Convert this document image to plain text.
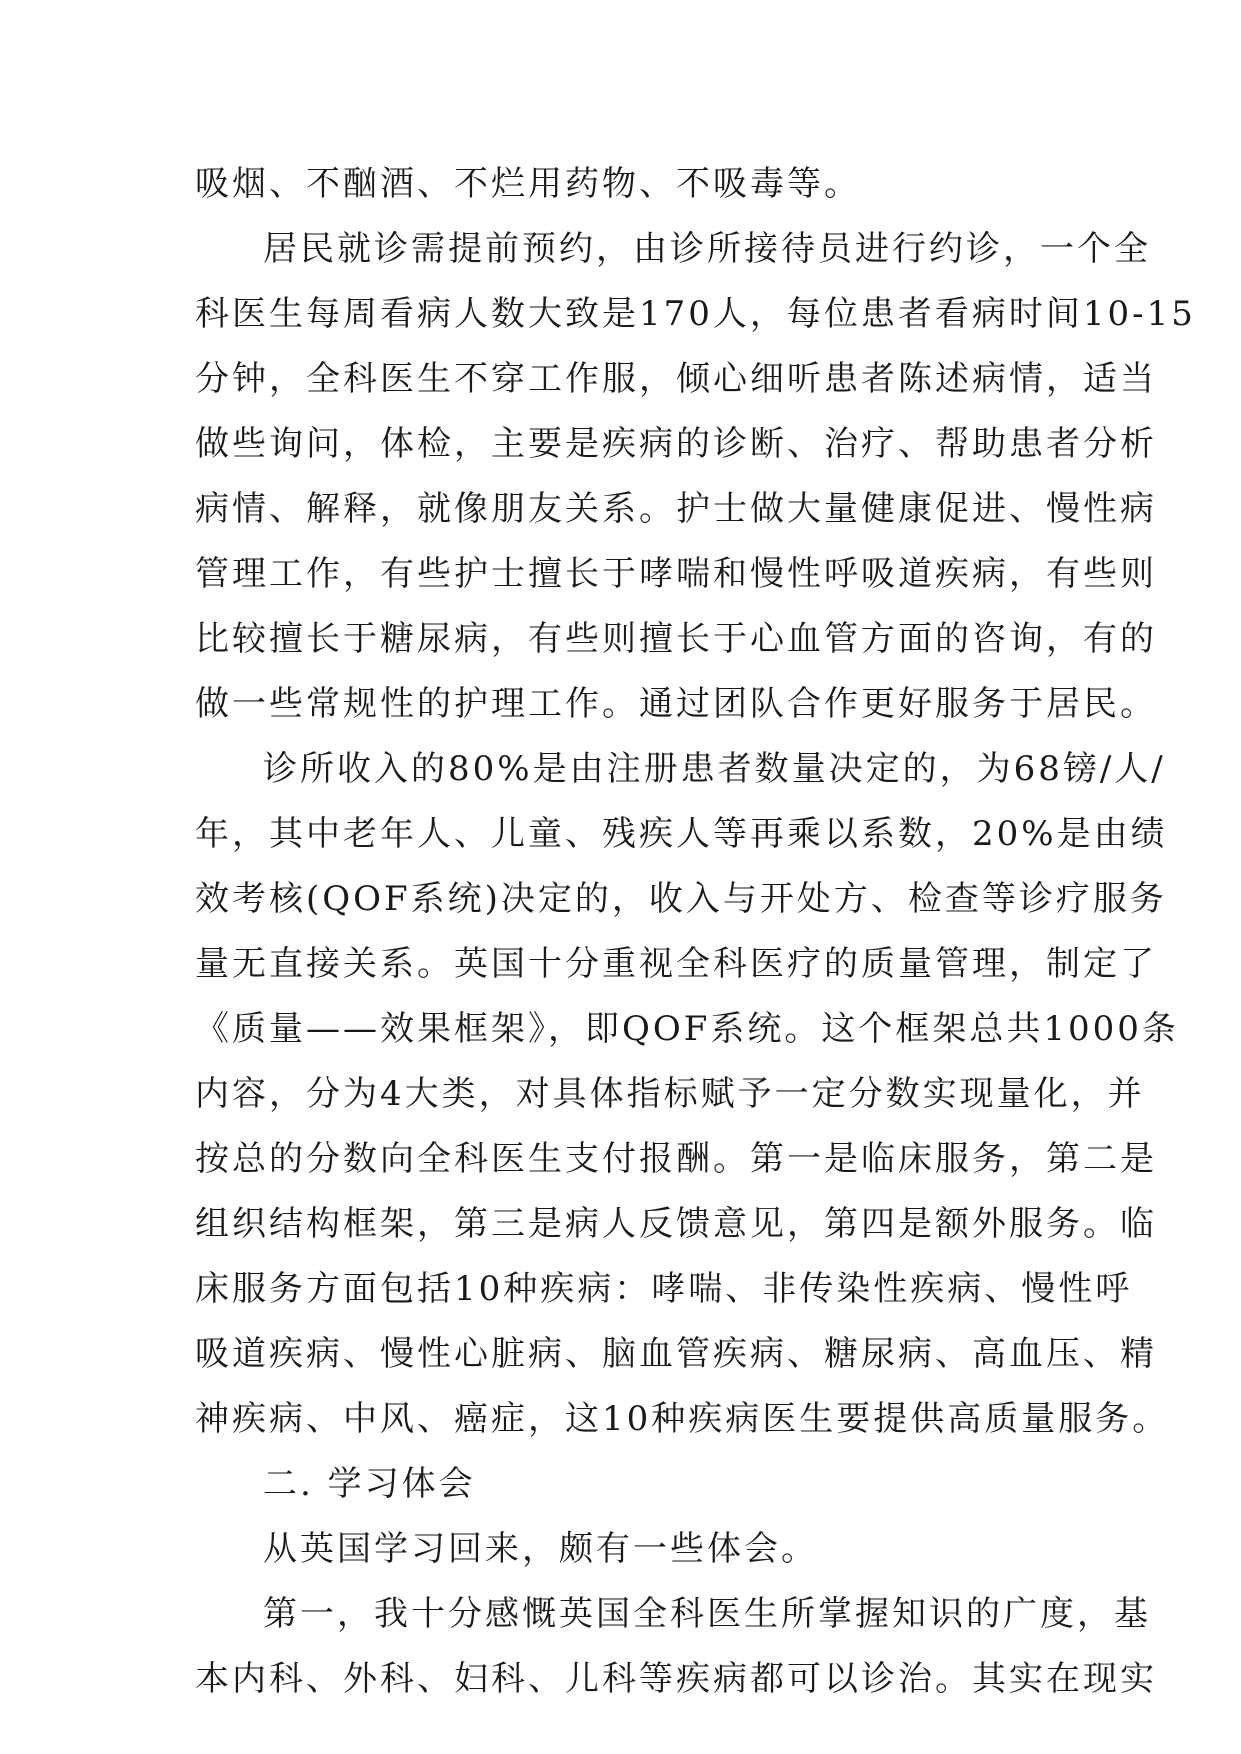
吸烟、不酗酒、不烂用药物、不吸毒等。
居民就诊需提前预约，由诊所接待员进行约诊，一个全
科医生每周看病人数大致是170人，每位患者看病时间10-15
分钟，全科医生不穿工作服，倾心细听患者陈述病情，适当
做些询问，体检，主要是疾病的诊断、治疗、帮助患者分析
病情、解释，就像朋友关系。护士做大量健康促进、慢性病
管理工作，有些护士擅长于哮喘和慢性呼吸道疾病，有些则
比较擅长于糖尿病，有些则擅长于心血管方面的咨询，有的
做一些常规性的护理工作。通过团队合作更好服务于居民。
诊所收入的80%是由注册患者数量决定的，为68镑/人/
年，其中老年人、儿童、残疾人等再乘以系数，20%是由绩
效考核(QOF系统)决定的，收入与开处方、检查等诊疗服务
量无直接关系。英国十分重视全科医疗的质量管理，制定了
《质量——效果框架》，即QOF系统。这个框架总共1000条
内容，分为4大类，对具体指标赋予一定分数实现量化，并
按总的分数向全科医生支付报酬。第一是临床服务，第二是
组织结构框架，第三是病人反馈意见，第四是额外服务。临
床服务方面包括10种疾病：哮喘、非传染性疾病、慢性呼
吸道疾病、慢性心脏病、脑血管疾病、糖尿病、高血压、精
神疾病、中风、癌症，这10种疾病医生要提供高质量服务。
二. 学习体会
从英国学习回来，颇有一些体会。
第一，我十分感慨英国全科医生所掌握知识的广度，基
本内科、外科、妇科、儿科等疾病都可以诊治。其实在现实
